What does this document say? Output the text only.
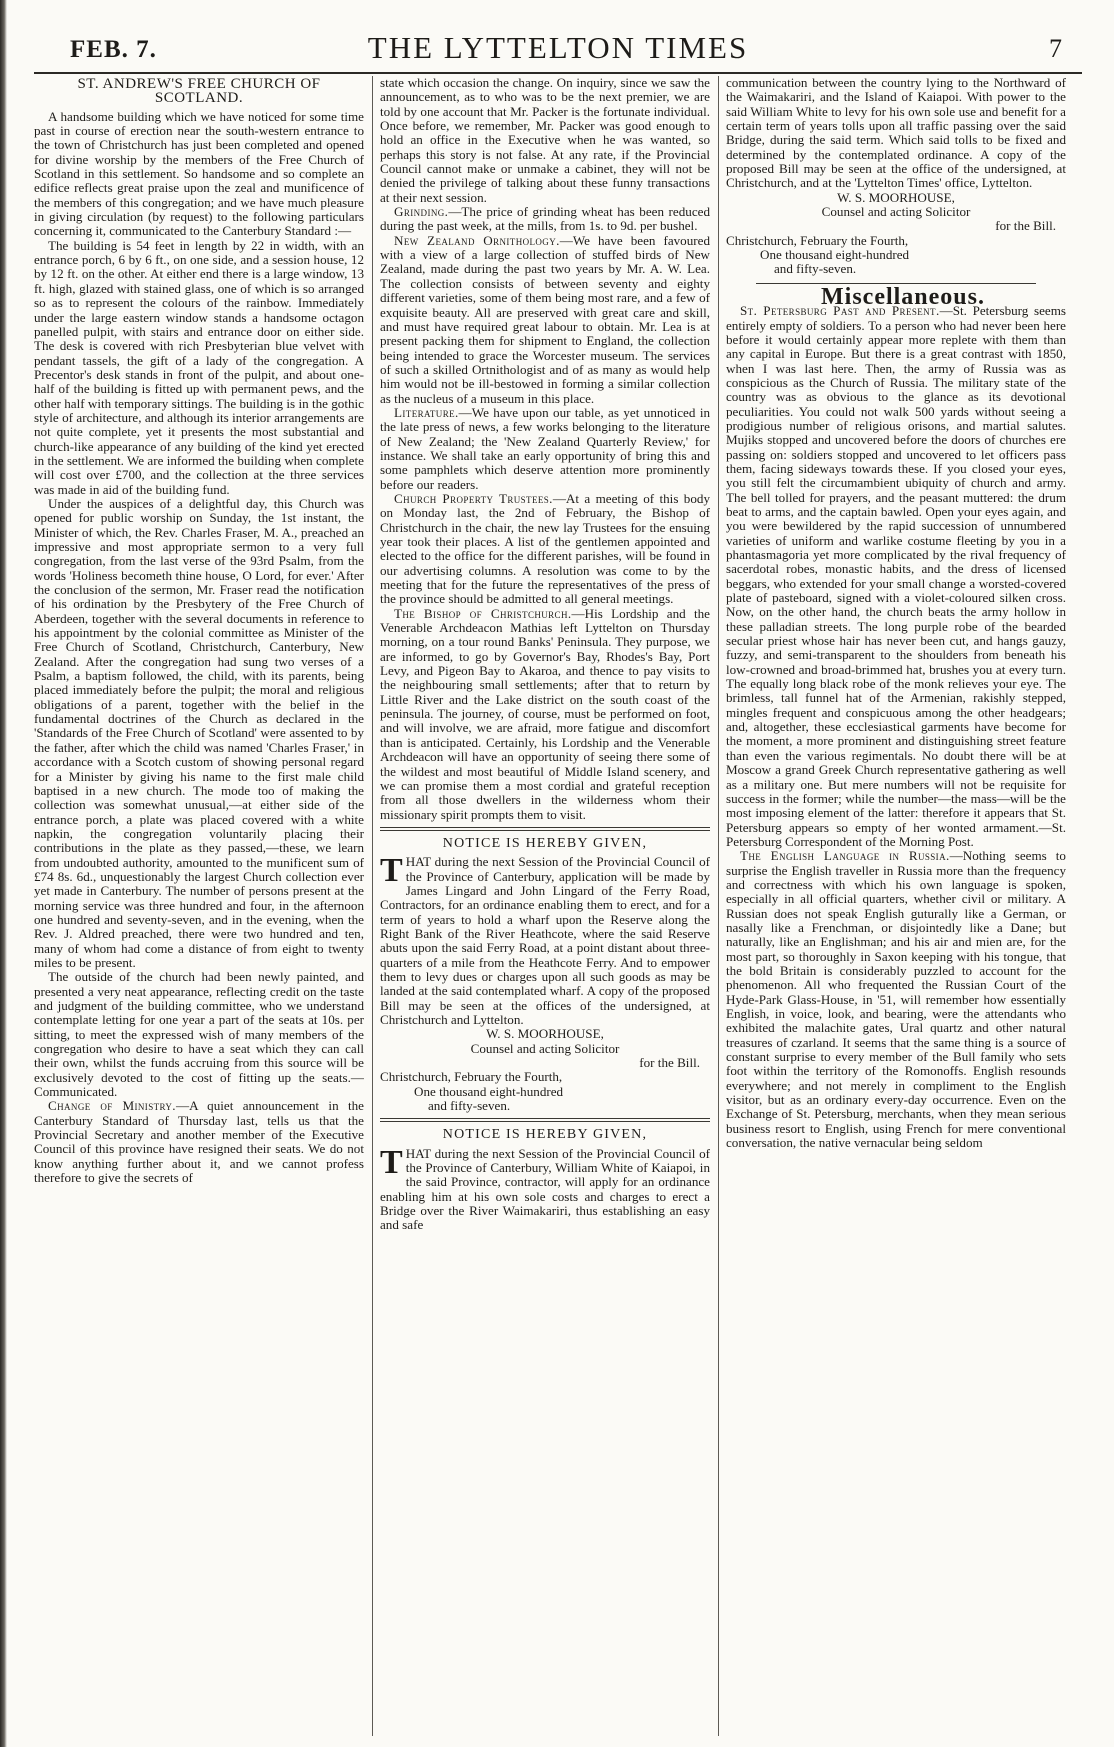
FEB. 7.	THE LYTTELTON TIMES	7

ST. ANDREW'S FREE CHURCH OF SCOTLAND.

A handsome building which we have noticed for some time past in course of erection near the south-western entrance to the town of Christchurch has just been completed and opened for divine worship by the members of the Free Church of Scotland in this settlement. So handsome and so complete an edifice reflects great praise upon the zeal and munificence of the members of this congregation; and we have much pleasure in giving circulation (by request) to the following particulars concerning it, communicated to the Canterbury Standard :—

The building is 54 feet in length by 22 in width, with an entrance porch, 6 by 6 ft., on one side, and a session house, 12 by 12 ft. on the other. At either end there is a large window, 13 ft. high, glazed with stained glass, one of which is so arranged so as to represent the colours of the rainbow. Immediately under the large eastern window stands a handsome octagon panelled pulpit, with stairs and entrance door on either side. The desk is covered with rich Presbyterian blue velvet with pendant tassels, the gift of a lady of the congregation. A Precentor's desk stands in front of the pulpit, and about one-half of the building is fitted up with permanent pews, and the other half with temporary sittings. The building is in the gothic style of architecture, and although its interior arrangements are not quite complete, yet it presents the most substantial and church-like appearance of any building of the kind yet erected in the settlement. We are informed the building when complete will cost over £700, and the collection at the three services was made in aid of the building fund.

Under the auspices of a delightful day, this Church was opened for public worship on Sunday, the 1st instant, the Minister of which, the Rev. Charles Fraser, M. A., preached an impressive and most appropriate sermon to a very full congregation, from the last verse of the 93rd Psalm, from the words 'Holiness becometh thine house, O Lord, for ever.' After the conclusion of the sermon, Mr. Fraser read the notification of his ordination by the Presbytery of the Free Church of Aberdeen, together with the several documents in reference to his appointment by the colonial committee as Minister of the Free Church of Scotland, Christchurch, Canterbury, New Zealand. After the congregation had sung two verses of a Psalm, a baptism followed, the child, with its parents, being placed immediately before the pulpit; the moral and religious obligations of a parent, together with the belief in the fundamental doctrines of the Church as declared in the 'Standards of the Free Church of Scotland' were assented to by the father, after which the child was named 'Charles Fraser,' in accordance with a Scotch custom of showing personal regard for a Minister by giving his name to the first male child baptised in a new church. The mode too of making the collection was somewhat unusual,—at either side of the entrance porch, a plate was placed covered with a white napkin, the congregation voluntarily placing their contributions in the plate as they passed,—these, we learn from undoubted authority, amounted to the munificent sum of £74 8s. 6d., unquestionably the largest Church collection ever yet made in Canterbury. The number of persons present at the morning service was three hundred and four, in the afternoon one hundred and seventy-seven, and in the evening, when the Rev. J. Aldred preached, there were two hundred and ten, many of whom had come a distance of from eight to twenty miles to be present.

The outside of the church had been newly painted, and presented a very neat appearance, reflecting credit on the taste and judgment of the building committee, who we understand contemplate letting for one year a part of the seats at 10s. per sitting, to meet the expressed wish of many members of the congregation who desire to have a seat which they can call their own, whilst the funds accruing from this source will be exclusively devoted to the cost of fitting up the seats.—Communicated.

Change of Ministry.—A quiet announcement in the Canterbury Standard of Thursday last, tells us that the Provincial Secretary and another member of the Executive Council of this province have resigned their seats. We do not know anything further about it, and we cannot profess therefore to give the secrets of

state which occasion the change. On inquiry, since we saw the announcement, as to who was to be the next premier, we are told by one account that Mr. Packer is the fortunate individual. Once before, we remember, Mr. Packer was good enough to hold an office in the Executive when he was wanted, so perhaps this story is not false. At any rate, if the Provincial Council cannot make or unmake a cabinet, they will not be denied the privilege of talking about these funny transactions at their next session.

Grinding.—The price of grinding wheat has been reduced during the past week, at the mills, from 1s. to 9d. per bushel.

New Zealand Ornithology.—We have been favoured with a view of a large collection of stuffed birds of New Zealand, made during the past two years by Mr. A. W. Lea. The collection consists of between seventy and eighty different varieties, some of them being most rare, and a few of exquisite beauty. All are preserved with great care and skill, and must have required great labour to obtain. Mr. Lea is at present packing them for shipment to England, the collection being intended to grace the Worcester museum. The services of such a skilled Ortnithologist and of as many as would help him would not be ill-bestowed in forming a similar collection as the nucleus of a museum in this place.

Literature.—We have upon our table, as yet unnoticed in the late press of news, a few works belonging to the literature of New Zealand; the 'New Zealand Quarterly Review,' for instance. We shall take an early opportunity of bring this and some pamphlets which deserve attention more prominently before our readers.

Church Property Trustees.—At a meeting of this body on Monday last, the 2nd of February, the Bishop of Christchurch in the chair, the new lay Trustees for the ensuing year took their places. A list of the gentlemen appointed and elected to the office for the different parishes, will be found in our advertising columns. A resolution was come to by the meeting that for the future the representatives of the press of the province should be admitted to all general meetings.

The Bishop of Christchurch.—His Lordship and the Venerable Archdeacon Mathias left Lyttelton on Thursday morning, on a tour round Banks' Peninsula. They purpose, we are informed, to go by Governor's Bay, Rhodes's Bay, Port Levy, and Pigeon Bay to Akaroa, and thence to pay visits to the neighbouring small settlements; after that to return by Little River and the Lake district on the south coast of the peninsula. The journey, of course, must be performed on foot, and will involve, we are afraid, more fatigue and discomfort than is anticipated. Certainly, his Lordship and the Venerable Archdeacon will have an opportunity of seeing there some of the wildest and most beautiful of Middle Island scenery, and we can promise them a most cordial and grateful reception from all those dwellers in the wilderness whom their missionary spirit prompts them to visit.

NOTICE IS HEREBY GIVEN,

THAT during the next Session of the Provincial Council of the Province of Canterbury, application will be made by James Lingard and John Lingard of the Ferry Road, Contractors, for an ordinance enabling them to erect, and for a term of years to hold a wharf upon the Reserve along the Right Bank of the River Heathcote, where the said Reserve abuts upon the said Ferry Road, at a point distant about three-quarters of a mile from the Heathcote Ferry. And to empower them to levy dues or charges upon all such goods as may be landed at the said contemplated wharf. A copy of the proposed Bill may be seen at the offices of the undersigned, at Christchurch and Lyttelton.

W. S. MOORHOUSE,

Counsel and acting Solicitor

for the Bill.

Christchurch, February the Fourth,

One thousand eight-hundred

and fifty-seven.

NOTICE IS HEREBY GIVEN,

THAT during the next Session of the Provincial Council of the Province of Canterbury, William White of Kaiapoi, in the said Province, contractor, will apply for an ordinance enabling him at his own sole costs and charges to erect a Bridge over the River Waimakariri, thus establishing an easy and safe

communication between the country lying to the Northward of the Waimakariri, and the Island of Kaiapoi. With power to the said William White to levy for his own sole use and benefit for a certain term of years tolls upon all traffic passing over the said Bridge, during the said term. Which said tolls to be fixed and determined by the contemplated ordinance. A copy of the proposed Bill may be seen at the office of the undersigned, at Christchurch, and at the 'Lyttelton Times' office, Lyttelton.

W. S. MOORHOUSE,

Counsel and acting Solicitor

for the Bill.

Christchurch, February the Fourth,

One thousand eight-hundred

and fifty-seven.

Miscellaneous.

St. Petersburg Past and Present.—St. Petersburg seems entirely empty of soldiers. To a person who had never been here before it would certainly appear more replete with them than any capital in Europe. But there is a great contrast with 1850, when I was last here. Then, the army of Russia was as conspicious as the Church of Russia. The military state of the country was as obvious to the glance as its devotional peculiarities. You could not walk 500 yards without seeing a prodigious number of religious orisons, and martial salutes. Mujiks stopped and uncovered before the doors of churches ere passing on: soldiers stopped and uncovered to let officers pass them, facing sideways towards these. If you closed your eyes, you still felt the circumambient ubiquity of church and army. The bell tolled for prayers, and the peasant muttered: the drum beat to arms, and the captain bawled. Open your eyes again, and you were bewildered by the rapid succession of unnumbered varieties of uniform and warlike costume fleeting by you in a phantasmagoria yet more complicated by the rival frequency of sacerdotal robes, monastic habits, and the dress of licensed beggars, who extended for your small change a worsted-covered plate of pasteboard, signed with a violet-coloured silken cross. Now, on the other hand, the church beats the army hollow in these palladian streets. The long purple robe of the bearded secular priest whose hair has never been cut, and hangs gauzy, fuzzy, and semi-transparent to the shoulders from beneath his low-crowned and broad-brimmed hat, brushes you at every turn. The equally long black robe of the monk relieves your eye. The brimless, tall funnel hat of the Armenian, rakishly stepped, mingles frequent and conspicuous among the other headgears; and, altogether, these ecclesiastical garments have become for the moment, a more prominent and distinguishing street feature than even the various regimentals. No doubt there will be at Moscow a grand Greek Church representative gathering as well as a military one. But mere numbers will not be requisite for success in the former; while the number—the mass—will be the most imposing element of the latter: therefore it appears that St. Petersburg appears so empty of her wonted armament.—St. Petersburg Correspondent of the Morning Post.

The English Language in Russia.—Nothing seems to surprise the English traveller in Russia more than the frequency and correctness with which his own language is spoken, especially in all official quarters, whether civil or military. A Russian does not speak English guturally like a German, or nasally like a Frenchman, or disjointedly like a Dane; but naturally, like an Englishman; and his air and mien are, for the most part, so thoroughly in Saxon keeping with his tongue, that the bold Britain is considerably puzzled to account for the phenomenon. All who frequented the Russian Court of the Hyde-Park Glass-House, in '51, will remember how essentially English, in voice, look, and bearing, were the attendants who exhibited the malachite gates, Ural quartz and other natural treasures of czarland. It seems that the same thing is a source of constant surprise to every member of the Bull family who sets foot within the territory of the Romonoffs. English resounds everywhere; and not merely in compliment to the English visitor, but as an ordinary every-day occurrence. Even on the Exchange of St. Petersburg, merchants, when they mean serious business resort to English, using French for mere conventional conversation, the native vernacular being seldom
